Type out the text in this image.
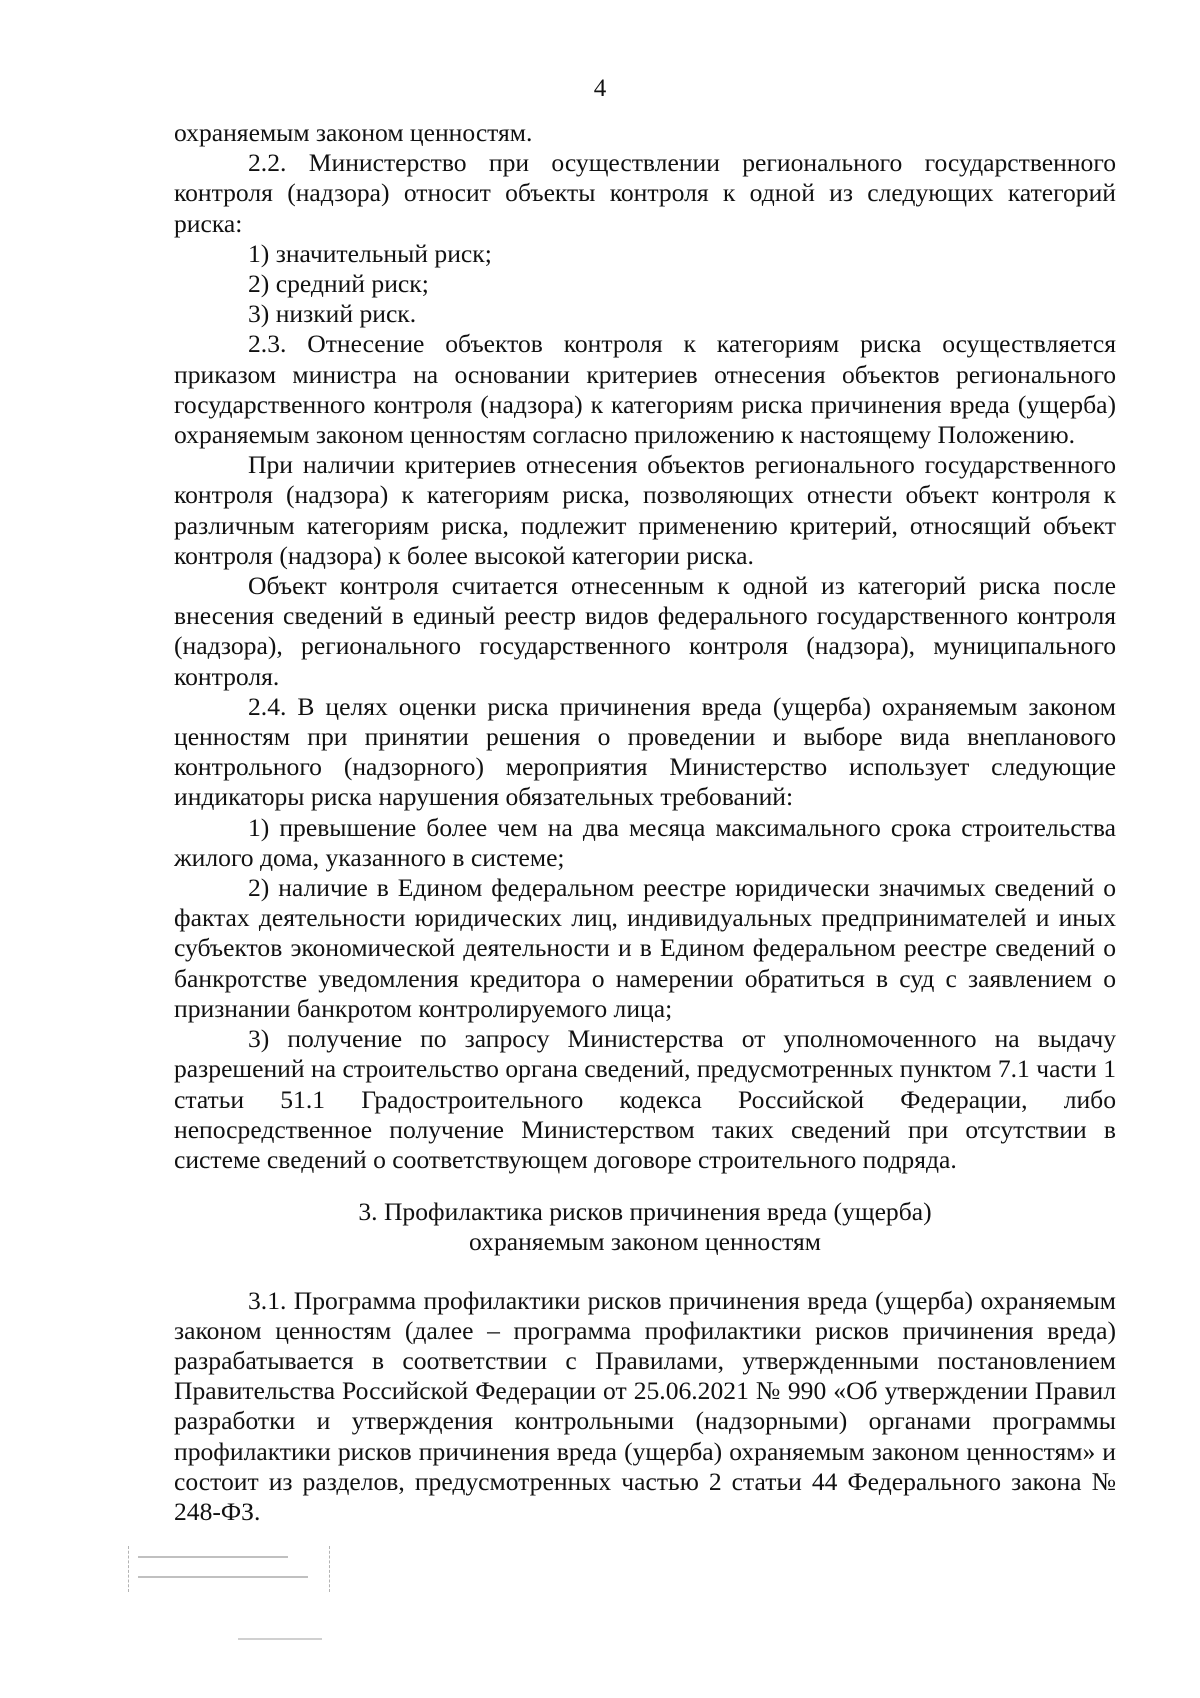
4

охраняемым законом ценностям.

2.2. Министерство при осуществлении регионального государственного контроля (надзора) относит объекты контроля к одной из следующих категорий риска:

1) значительный риск;

2) средний риск;

3) низкий риск.

2.3. Отнесение объектов контроля к категориям риска осуществляется приказом министра на основании критериев отнесения объектов регионального государственного контроля (надзора) к категориям риска причинения вреда (ущерба) охраняемым законом ценностям согласно приложению к настоящему Положению.

При наличии критериев отнесения объектов регионального государственного контроля (надзора) к категориям риска, позволяющих отнести объект контроля к различным категориям риска, подлежит применению критерий, относящий объект контроля (надзора) к более высокой категории риска.

Объект контроля считается отнесенным к одной из категорий риска после внесения сведений в единый реестр видов федерального государственного контроля (надзора), регионального государственного контроля (надзора), муниципального контроля.

2.4. В целях оценки риска причинения вреда (ущерба) охраняемым законом ценностям при принятии решения о проведении и выборе вида внепланового контрольного (надзорного) мероприятия Министерство использует следующие индикаторы риска нарушения обязательных требований:

1) превышение более чем на два месяца максимального срока строительства жилого дома, указанного в системе;

2) наличие в Едином федеральном реестре юридически значимых сведений о фактах деятельности юридических лиц, индивидуальных предпринимателей и иных субъектов экономической деятельности и в Едином федеральном реестре сведений о банкротстве уведомления кредитора о намерении обратиться в суд с заявлением о признании банкротом контролируемого лица;

3) получение по запросу Министерства от уполномоченного на выдачу разрешений на строительство органа сведений, предусмотренных пунктом 7.1 части 1 статьи 51.1 Градостроительного кодекса Российской Федерации, либо непосредственное получение Министерством таких сведений при отсутствии в системе сведений о соответствующем договоре строительного подряда.

3. Профилактика рисков причинения вреда (ущерба)

охраняемым законом ценностям

3.1. Программа профилактики рисков причинения вреда (ущерба) охраняемым законом ценностям (далее – программа профилактики рисков причинения вреда) разрабатывается в соответствии с Правилами, утвержденными постановлением Правительства Российской Федерации от 25.06.2021 № 990 «Об утверждении Правил разработки и утверждения контрольными (надзорными) органами программы профилактики рисков причинения вреда (ущерба) охраняемым законом ценностям» и состоит из разделов, предусмотренных частью 2 статьи 44 Федерального закона № 248-ФЗ.
